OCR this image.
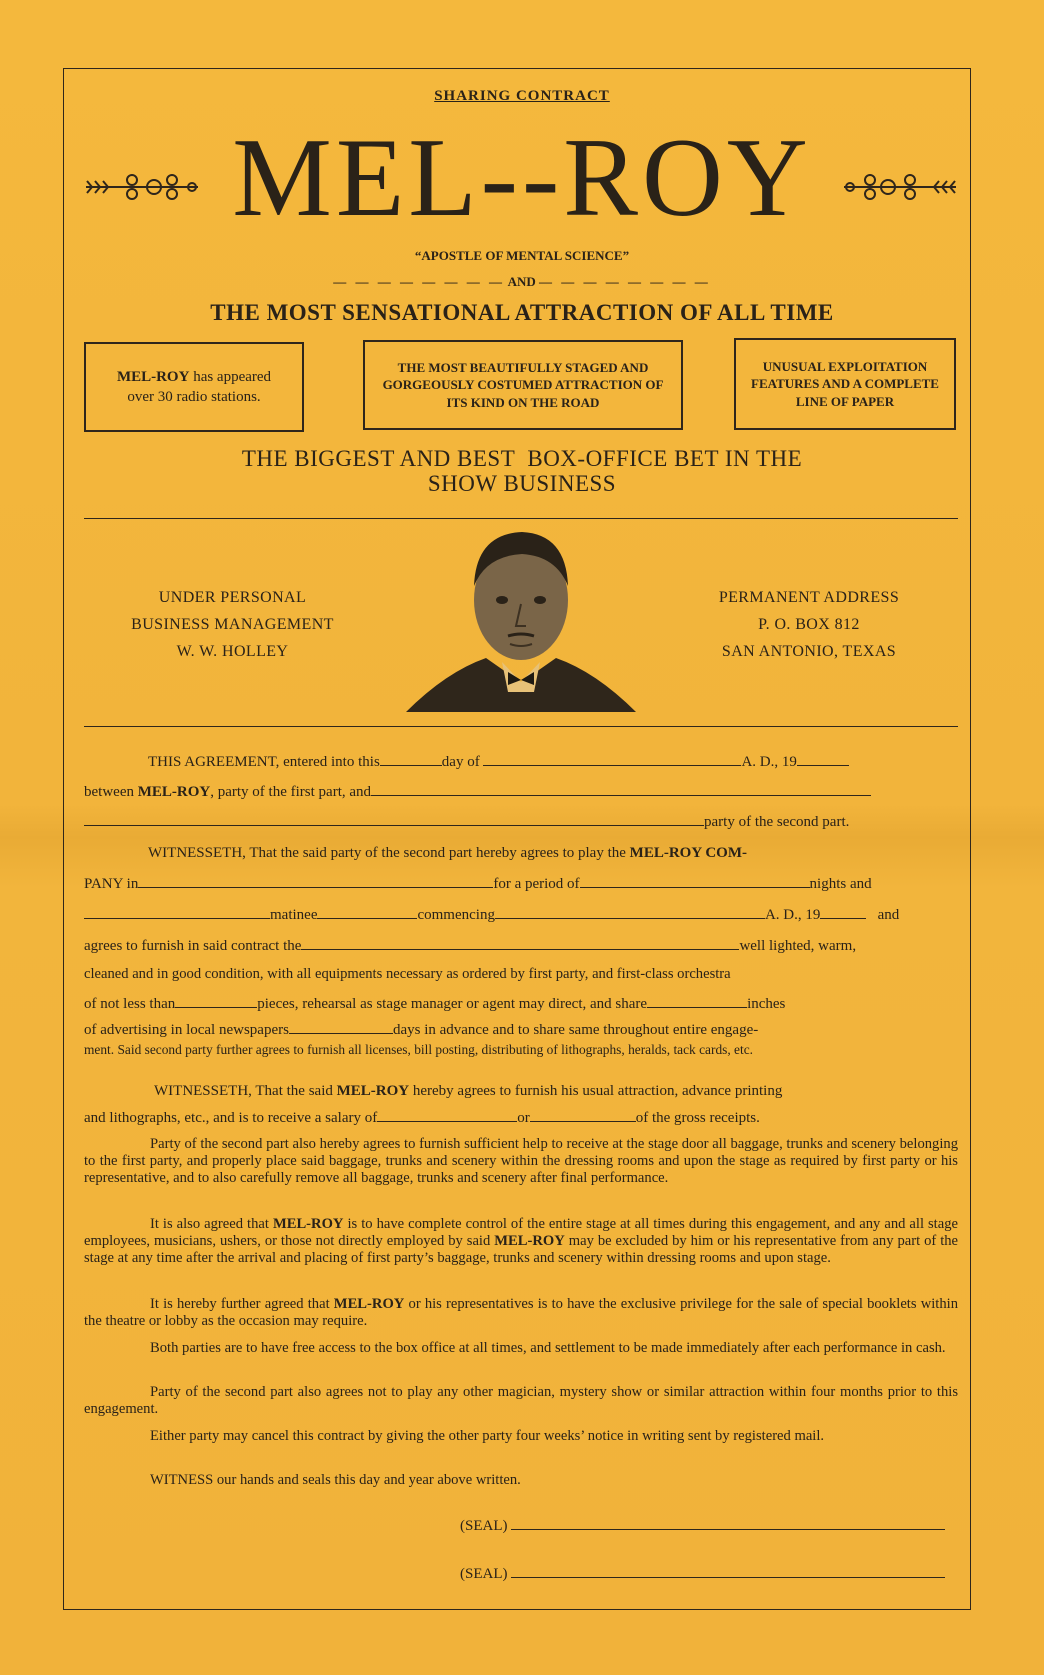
SHARING CONTRACT
MEL--ROY
“APOSTLE OF MENTAL SCIENCE”
— — — — — — — — AND — — — — — — — —
THE MOST SENSATIONAL ATTRACTION OF ALL TIME
MEL-ROY has appeared
over 30 radio stations.
THE MOST BEAUTIFULLY STAGED AND GORGEOUSLY COSTUMED ATTRACTION OF ITS KIND ON THE ROAD
UNUSUAL EXPLOITATION FEATURES AND A COMPLETE LINE OF PAPER
THE BIGGEST AND BEST  BOX-OFFICE BET IN THE
SHOW BUSINESS
UNDER PERSONAL
BUSINESS MANAGEMENT
W. W. HOLLEY
PERMANENT ADDRESS
P. O. BOX 812
SAN ANTONIO, TEXAS
THIS AGREEMENT, entered into this	day of	A. D., 19
between MEL-ROY, party of the first part, and
party of the second part.
WITNESSETH, That the said party of the second part hereby agrees to play the MEL-ROY COM-
PANY in	for a period of	nights and
matinee	commencing	A. D., 19	and
agrees to furnish in said contract the	well lighted, warm,
cleaned and in good condition, with all equipments necessary as ordered by first party, and first-class orchestra
of not less than	pieces, rehearsal as stage manager or agent may direct, and share	inches
of advertising in local newspapers	days in advance and to share same throughout entire engage-
ment. Said second party further agrees to furnish all licenses, bill posting, distributing of lithographs, heralds, tack cards, etc.
WITNESSETH, That the said MEL-ROY hereby agrees to furnish his usual attraction, advance printing
and lithographs, etc., and is to receive a salary of	or	of the gross receipts.
Party of the second part also hereby agrees to furnish sufficient help to receive at the stage door all baggage, trunks and scenery belonging to the first party, and properly place said baggage, trunks and scenery within the dressing rooms and upon the stage as required by first party or his representative, and to also carefully remove all baggage, trunks and scenery after final performance.
It is also agreed that MEL-ROY is to have complete control of the entire stage at all times during this engagement, and any and all stage employees, musicians, ushers, or those not directly employed by said MEL-ROY may be excluded by him or his representative from any part of the stage at any time after the arrival and placing of first party’s baggage, trunks and scenery within dressing rooms and upon stage.
It is hereby further agreed that MEL-ROY or his representatives is to have the exclusive privilege for the sale of special booklets within the theatre or lobby as the occasion may require.
Both parties are to have free access to the box office at all times, and settlement to be made immediately after each performance in cash.
Party of the second part also agrees not to play any other magician, mystery show or similar attraction within four months prior to this engagement.
Either party may cancel this contract by giving the other party four weeks’ notice in writing sent by registered mail.
WITNESS our hands and seals this day and year above written.
(SEAL)
(SEAL)
